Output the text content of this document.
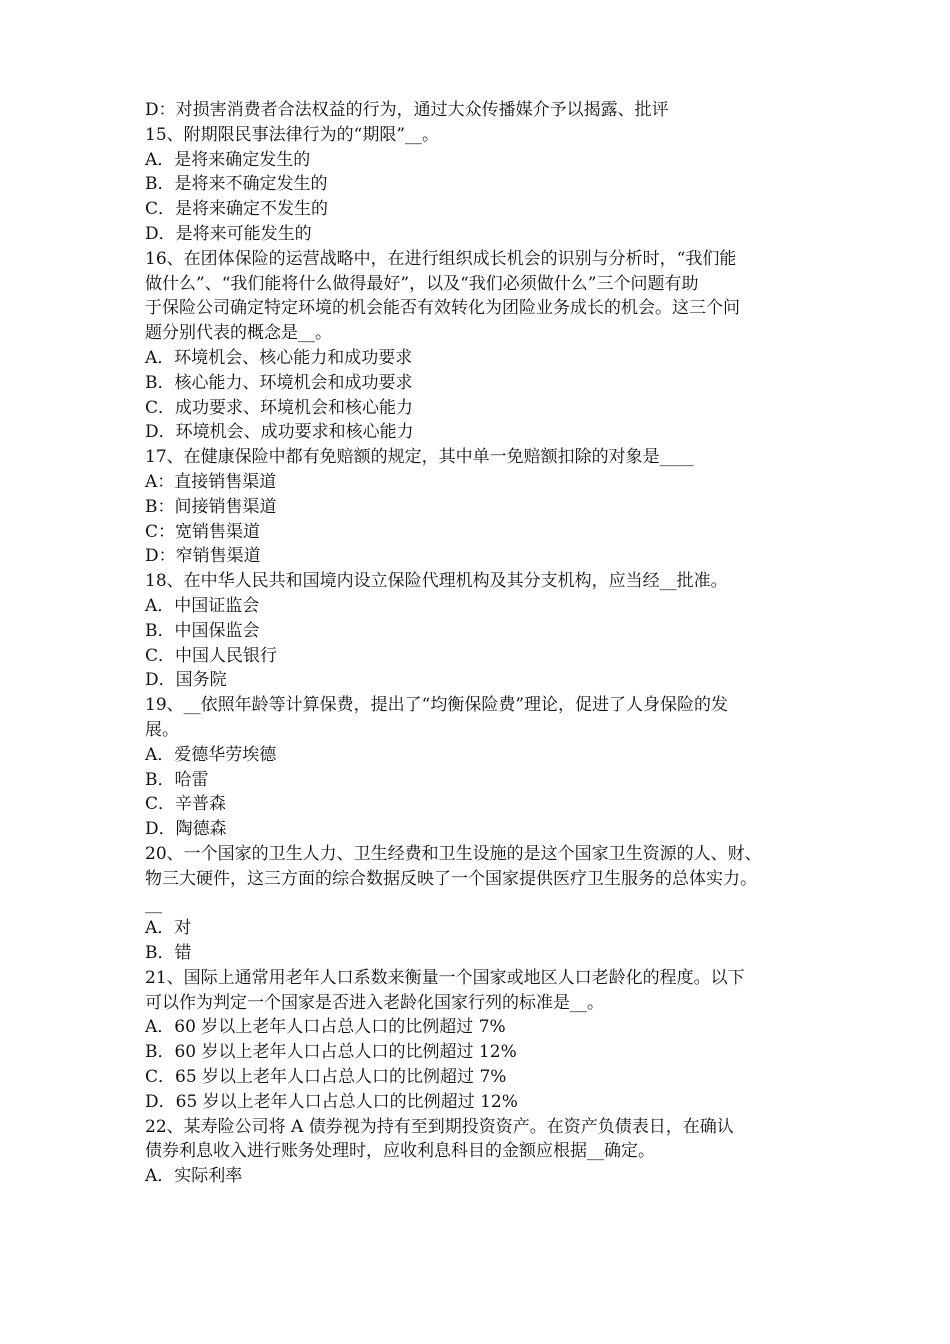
D：对损害消费者合法权益的行为，通过大众传播媒介予以揭露、批评
15、附期限民事法律行为的“期限”__。
A．是将来确定发生的
B．是将来不确定发生的
C．是将来确定不发生的
D．是将来可能发生的
16、在团体保险的运营战略中，在进行组织成长机会的识别与分析时，“我们能
做什么”、“我们能将什么做得最好”，以及“我们必须做什么”三个问题有助
于保险公司确定特定环境的机会能否有效转化为团险业务成长的机会。这三个问
题分别代表的概念是__。
A．环境机会、核心能力和成功要求
B．核心能力、环境机会和成功要求
C．成功要求、环境机会和核心能力
D．环境机会、成功要求和核心能力
17、在健康保险中都有免赔额的规定，其中单一免赔额扣除的对象是____
A：直接销售渠道
B：间接销售渠道
C：宽销售渠道
D：窄销售渠道
18、在中华人民共和国境内设立保险代理机构及其分支机构，应当经__批准。
A．中国证监会
B．中国保监会
C．中国人民银行
D．国务院
19、__依照年龄等计算保费，提出了“均衡保险费”理论，促进了人身保险的发
展。
A．爱德华劳埃德
B．哈雷
C．辛普森
D．陶德森
20、一个国家的卫生人力、卫生经费和卫生设施的是这个国家卫生资源的人、财、
物三大硬件，这三方面的综合数据反映了一个国家提供医疗卫生服务的总体实力。
__
A．对
B．错
21、国际上通常用老年人口系数来衡量一个国家或地区人口老龄化的程度。以下
可以作为判定一个国家是否进入老龄化国家行列的标准是__。
A．60 岁以上老年人口占总人口的比例超过 7%
B．60 岁以上老年人口占总人口的比例超过 12%
C．65 岁以上老年人口占总人口的比例超过 7%
D．65 岁以上老年人口占总人口的比例超过 12%
22、某寿险公司将 A 债券视为持有至到期投资资产。在资产负债表日，在确认
债券利息收入进行账务处理时，应收利息科目的金额应根据__确定。
A．实际利率
